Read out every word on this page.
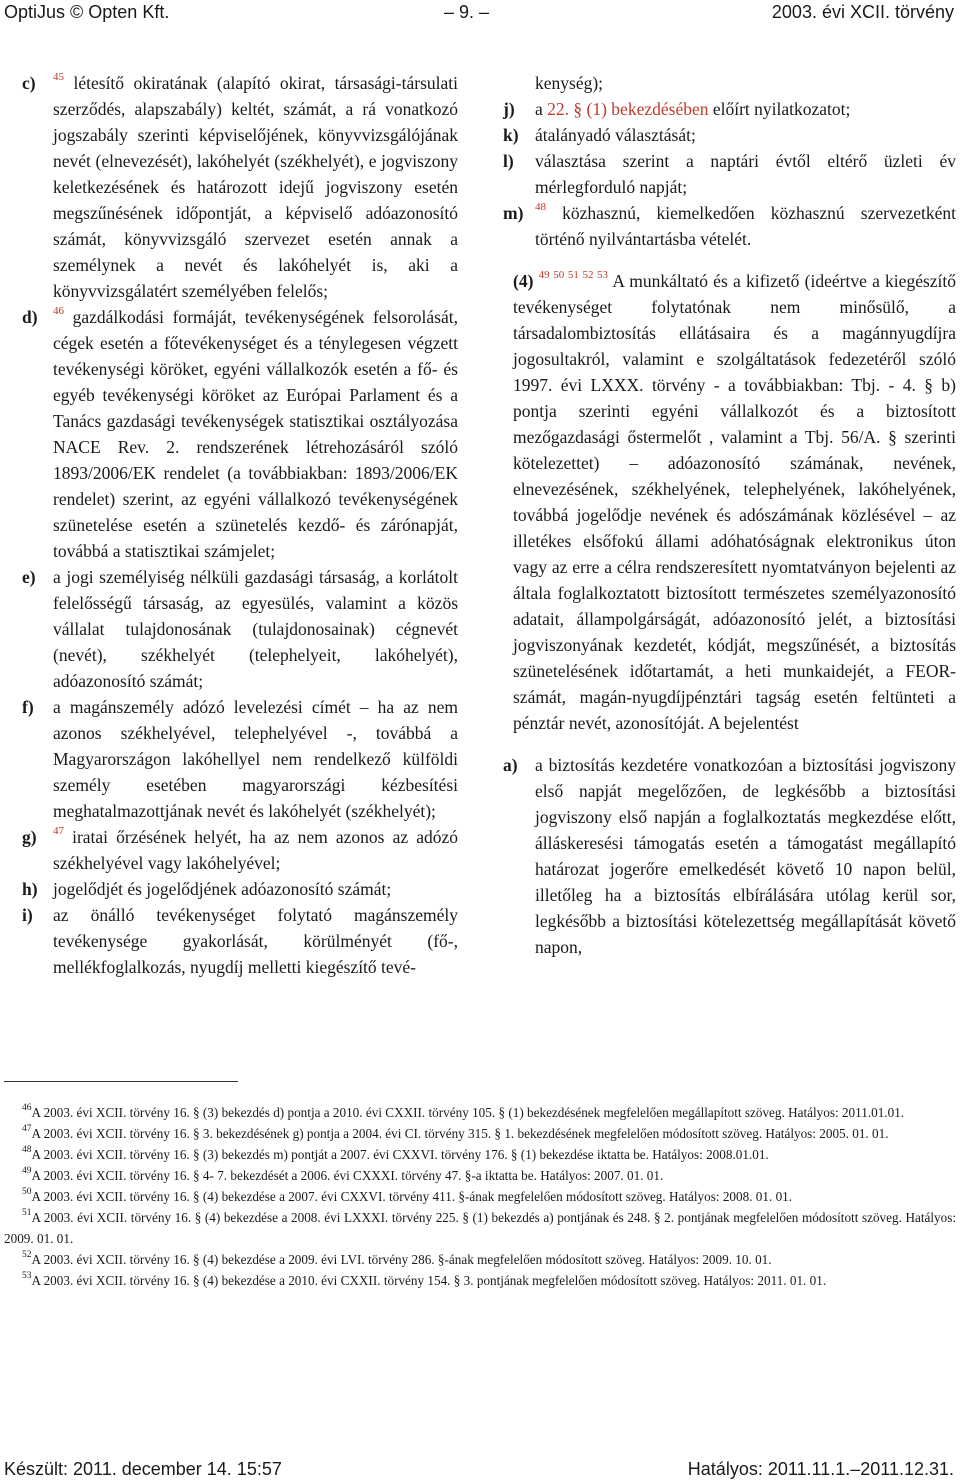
OptiJus © Opten Kft.	– 9. –	2003. évi XCII. törvény

c) $^{45}$ létesítő okiratának (alapító okirat, társasági-társulati szerződés, alapszabály) keltét, számát, a rá vonatkozó jogszabály szerinti képviselőjének, könyvvizsgálójának nevét (elnevezését), lakóhelyét (székhelyét), e jogviszony keletkezésének és határozott idejű jogviszony esetén megszűnésének időpontját, a képviselő adóazonosító számát, könyvvizsgáló szervezet esetén annak a személynek a nevét és lakóhelyét is, aki a könyvvizsgálatért személyében felelős;

d) $^{46}$ gazdálkodási formáját, tevékenységének felsorolását, cégek esetén a főtevékenységet és a ténylegesen végzett tevékenységi köröket, egyéni vállalkozók esetén a fő- és egyéb tevékenységi köröket az Európai Parlament és a Tanács gazdasági tevékenységek statisztikai osztályozása NACE Rev. 2. rendszerének létrehozásáról szóló 1893/2006/EK rendelet (a továbbiakban: 1893/2006/EK rendelet) szerint, az egyéni vállalkozó tevékenységének szünetelése esetén a szünetelés kezdő- és zárónapját, továbbá a statisztikai számjelet;

e) a jogi személyiség nélküli gazdasági társaság, a korlátolt felelősségű társaság, az egyesülés, valamint a közös vállalat tulajdonosának (tulajdonosainak) cégnevét (nevét), székhelyét (telephelyeit, lakóhelyét), adóazonosító számát;

f) a magánszemély adózó levelezési címét – ha az nem azonos székhelyével, telephelyével -, továbbá a Magyarországon lakóhellyel nem rendelkező külföldi személy esetében magyarországi kézbesítési meghatalmazottjának nevét és lakóhelyét (székhelyét);

g) $^{47}$ iratai őrzésének helyét, ha az nem azonos az adózó székhelyével vagy lakóhelyével;

h) jogelődjét és jogelődjének adóazonosító számát;

i) az önálló tevékenységet folytató magánszemély tevékenysége gyakorlását, körülményét (fő-, mellékfoglalkozás, nyugdíj melletti kiegészítő tevé-

kenység);

j) a 22. § (1) bekezdésében előírt nyilatkozatot;

k) átalányadó választását;

l) választása szerint a naptári évtől eltérő üzleti év mérlegforduló napját;

m) $^{48}$ közhasznú, kiemelkedően közhasznú szervezetként történő nyilvántartásba vételét.

(4) $^{49 50 51 52 53}$ A munkáltató és a kifizető (ideértve a kiegészítő tevékenységet folytatónak nem minősülő, a társadalombiztosítás ellátásaira és a magánnyugdíjra jogosultakról, valamint e szolgáltatások fedezetéről szóló 1997. évi LXXX. törvény - a továbbiakban: Tbj. - 4. § b) pontja szerinti egyéni vállalkozót és a biztosított mezőgazdasági őstermelőt , valamint a Tbj. 56/A. § szerinti kötelezettet) – adóazonosító számának, nevének, elnevezésének, székhelyének, telephelyének, lakóhelyének, továbbá jogelődje nevének és adószámának közlésével – az illetékes elsőfokú állami adóhatóságnak elektronikus úton vagy az erre a célra rendszeresített nyomtatványon bejelenti az általa foglalkoztatott biztosított természetes személyazonosító adatait, állampolgárságát, adóazonosító jelét, a biztosítási jogviszonyának kezdetét, kódját, megszűnését, a biztosítás szünetelésének időtartamát, a heti munkaidejét, a FEOR-számát, magán-nyugdíjpénztári tagság esetén feltünteti a pénztár nevét, azonosítóját. A bejelentést

a) a biztosítás kezdetére vonatkozóan a biztosítási jogviszony első napját megelőzően, de legkésőbb a biztosítási jogviszony első napján a foglalkoztatás megkezdése előtt, álláskeresési támogatás esetén a támogatást megállapító határozat jogerőre emelkedését követő 10 napon belül, illetőleg ha a biztosítás elbírálására utólag kerül sor, legkésőbb a biztosítási kötelezettség megállapítását követő napon,

$^{46}$A 2003. évi XCII. törvény 16. § (3) bekezdés d) pontja a 2010. évi CXXII. törvény 105. § (1) bekezdésének megfelelően megállapított szöveg. Hatályos: 2011.01.01.

$^{47}$A 2003. évi XCII. törvény 16. § 3. bekezdésének g) pontja a 2004. évi CI. törvény 315. § 1. bekezdésének megfelelően módosított szöveg. Hatályos: 2005. 01. 01.

$^{48}$A 2003. évi XCII. törvény 16. § (3) bekezdés m) pontját a 2007. évi CXXVI. törvény 176. § (1) bekezdése iktatta be. Hatályos: 2008.01.01.

$^{49}$A 2003. évi XCII. törvény 16. § 4- 7. bekezdését a 2006. évi CXXXI. törvény 47. §-a iktatta be. Hatályos: 2007. 01. 01.

$^{50}$A 2003. évi XCII. törvény 16. § (4) bekezdése a 2007. évi CXXVI. törvény 411. §-ának megfelelően módosított szöveg. Hatályos: 2008. 01. 01.

$^{51}$A 2003. évi XCII. törvény 16. § (4) bekezdése a 2008. évi LXXXI. törvény 225. § (1) bekezdés a) pontjának és 248. § 2. pontjának megfelelően módosított szöveg. Hatályos: 2009. 01. 01.

$^{52}$A 2003. évi XCII. törvény 16. § (4) bekezdése a 2009. évi LVI. törvény 286. §-ának megfelelően módosított szöveg. Hatályos: 2009. 10. 01.

$^{53}$A 2003. évi XCII. törvény 16. § (4) bekezdése a 2010. évi CXXII. törvény 154. § 3. pontjának megfelelően módosított szöveg. Hatályos: 2011. 01. 01.

Készült: 2011. december 14. 15:57	Hatályos: 2011.11.1.–2011.12.31.
